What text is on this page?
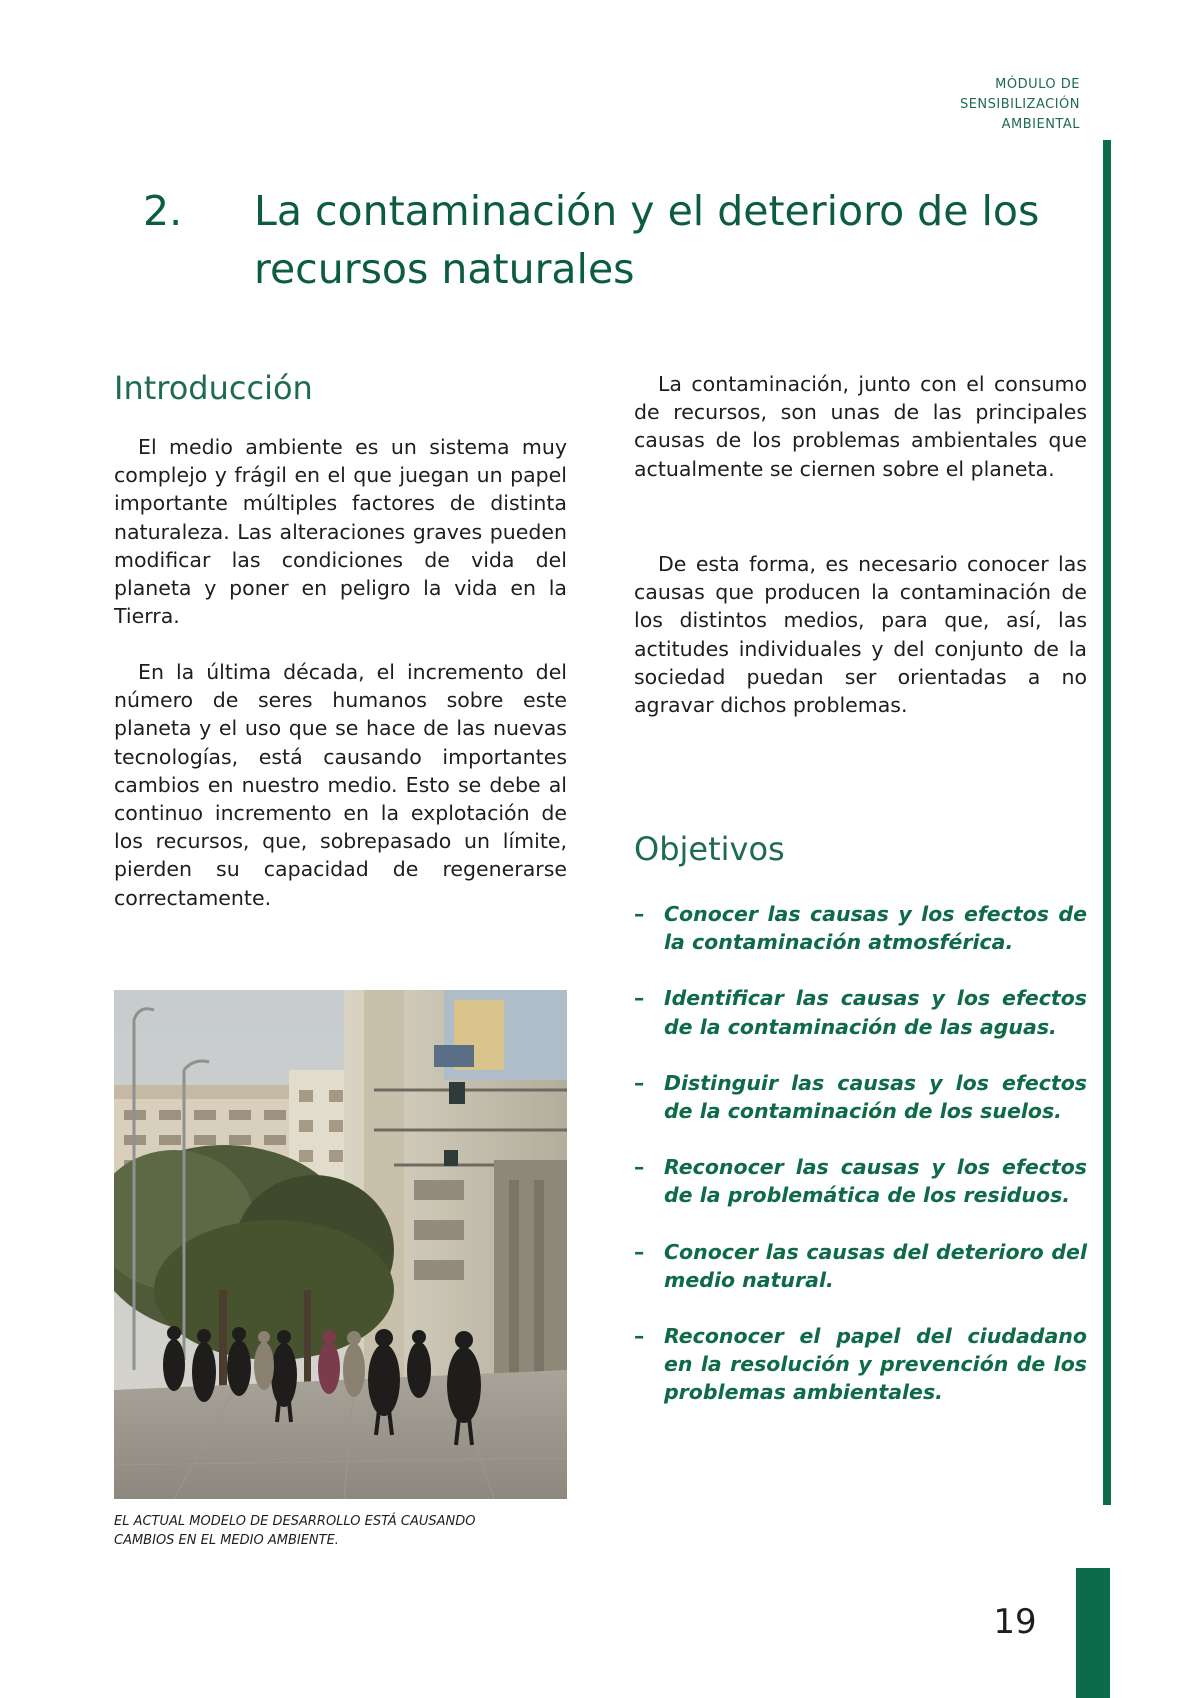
MÓDULO DE
SENSIBILIZACIÓN
AMBIENTAL
2. La contaminación y el deterioro de los recursos naturales
Introducción

El medio ambiente es un sistema muy complejo y frágil en el que juegan un papel importante múltiples factores de distinta naturaleza. Las alteraciones graves pueden modificar las condiciones de vida del planeta y poner en peligro la vida en la Tierra.

En la última década, el incremento del número de seres humanos sobre este planeta y el uso que se hace de las nuevas tecnologías, está causando importantes cambios en nuestro medio. Esto se debe al continuo incremento en la explotación de los recursos, que, sobrepasado un límite, pierden su capacidad de regenerarse correctamente.

La contaminación, junto con el consumo de recursos, son unas de las principales causas de los problemas ambientales que actualmente se ciernen sobre el planeta.

De esta forma, es necesario conocer las causas que producen la contaminación de los distintos medios, para que, así, las actitudes individuales y del conjunto de la sociedad puedan ser orientadas a no agravar dichos problemas.

EL ACTUAL MODELO DE DESARROLLO ESTÁ CAUSANDO
CAMBIOS EN EL MEDIO AMBIENTE.
Objetivos
– Conocer las causas y los efectos de la contaminación atmosférica.
– Identificar las causas y los efectos de la contaminación de las aguas.
– Distinguir las causas y los efectos de la contaminación de los suelos.
– Reconocer las causas y los efectos de la problemática de los residuos.
– Conocer las causas del deterioro del medio natural.
– Reconocer el papel del ciudadano en la resolución y prevención de los problemas ambientales.
19
